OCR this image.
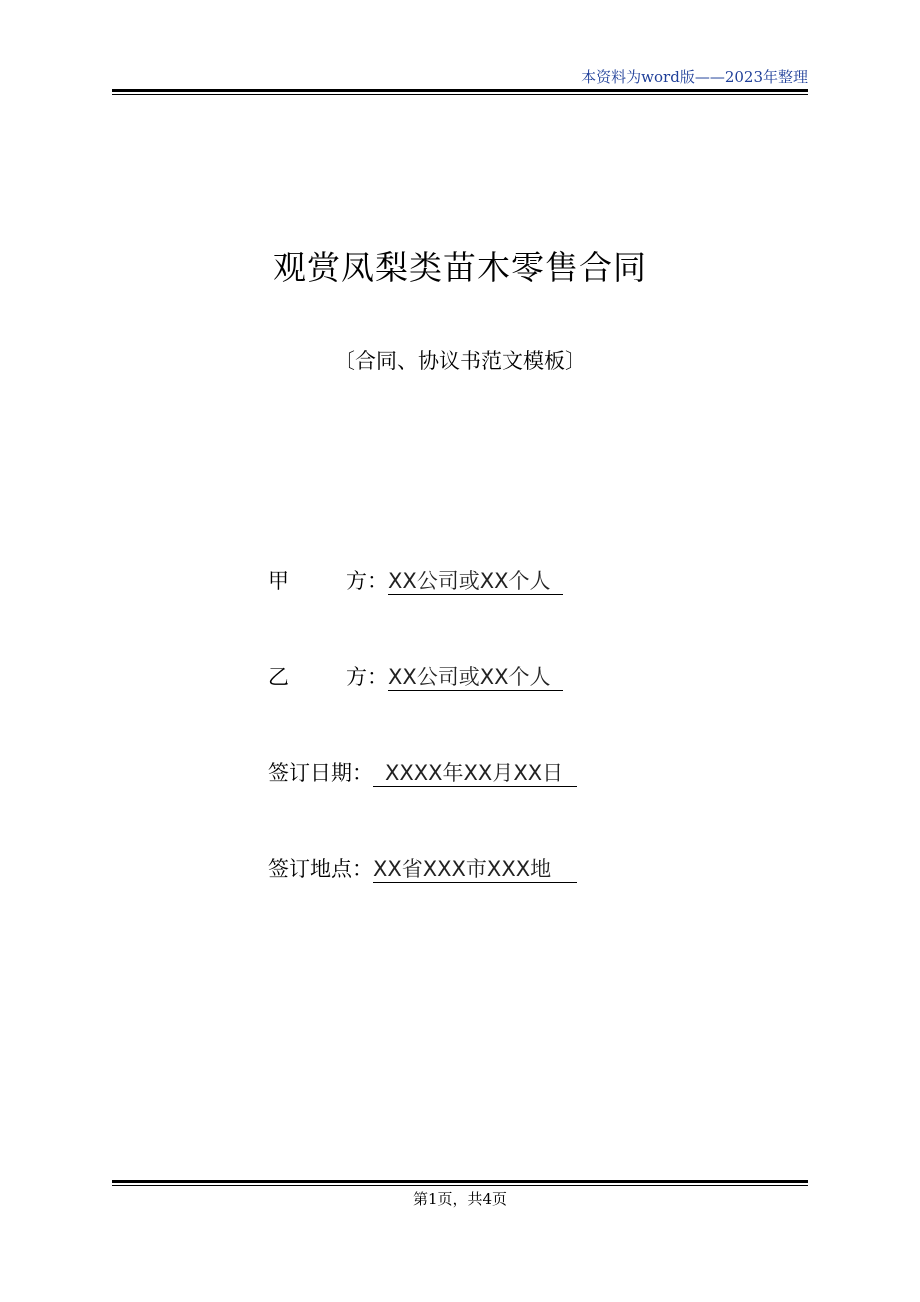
本资料为word版——2023年整理
观赏凤梨类苗木零售合同
〔合同、协议书范文模板〕
甲	方： XX公司或XX个人
乙	方： XX公司或XX个人
签订日期： XXXX年XX月XX日
签订地点： XX省XXX市XXX地
第1页，共4页
